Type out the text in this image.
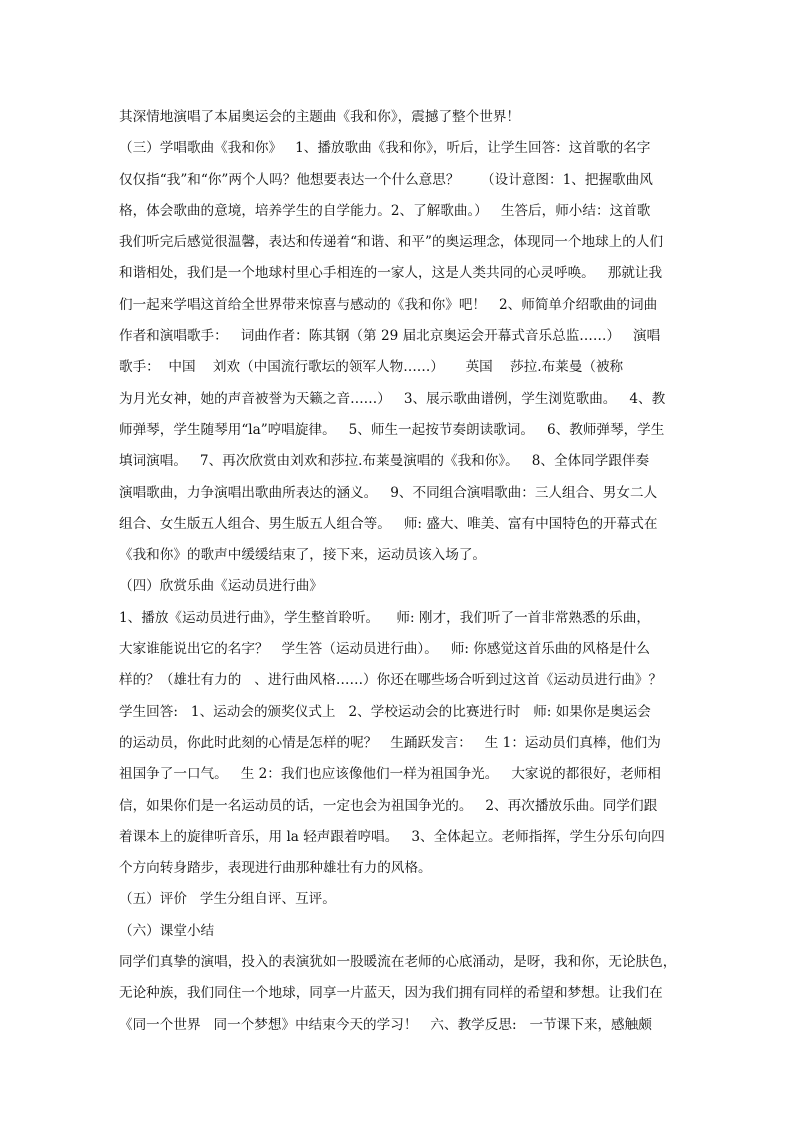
其深情地演唱了本届奥运会的主题曲《我和你》，震撼了整个世界！
（三）学唱歌曲《我和你》   1、播放歌曲《我和你》，听后，让学生回答：这首歌的名字
仅仅指“我”和“你”两个人吗？他想要表达一个什么意思？     （设计意图：1、把握歌曲风
格，体会歌曲的意境，培养学生的自学能力。2、了解歌曲。）   生答后，师小结：这首歌
我们听完后感觉很温馨，表达和传递着“和谐、和平”的奥运理念，体现同一个地球上的人们
和谐相处，我们是一个地球村里心手相连的一家人，这是人类共同的心灵呼唤。   那就让我
们一起来学唱这首给全世界带来惊喜与感动的《我和你》吧！   2、师简单介绍歌曲的词曲
作者和演唱歌手：   词曲作者：陈其钢（第 29 届北京奥运会开幕式音乐总监……）   演唱
歌手：  中国    刘欢（中国流行歌坛的领军人物……）     英国    莎拉.布莱曼（被称
为月光女神，她的声音被誉为天籁之音……）   3、展示歌曲谱例，学生浏览歌曲。   4、教
师弹琴，学生随琴用“la”哼唱旋律。   5、师生一起按节奏朗读歌词。   6、教师弹琴，学生
填词演唱。   7、再次欣赏由刘欢和莎拉.布莱曼演唱的《我和你》。   8、全体同学跟伴奏
演唱歌曲，力争演唱出歌曲所表达的涵义。   9、不同组合演唱歌曲：三人组合、男女二人
组合、女生版五人组合、男生版五人组合等。   师: 盛大、唯美、富有中国特色的开幕式在
《我和你》的歌声中缓缓结束了，接下来，运动员该入场了。
（四）欣赏乐曲《运动员进行曲》
1、播放《运动员进行曲》，学生整首聆听。    师: 刚才，我们听了一首非常熟悉的乐曲，
大家谁能说出它的名字？   学生答（运动员进行曲）。   师: 你感觉这首乐曲的风格是什么
样的？（雄壮有力的   、进行曲风格……）你还在哪些场合听到过这首《运动员进行曲》？
学生回答:   1、运动会的颁奖仪式上   2、学校运动会的比赛进行时   师: 如果你是奥运会
的运动员，你此时此刻的心情是怎样的呢？   生踊跃发言：   生 1：运动员们真棒，他们为
祖国争了一口气。   生 2：我们也应该像他们一样为祖国争光。   大家说的都很好，老师相
信，如果你们是一名运动员的话，一定也会为祖国争光的。   2、再次播放乐曲。同学们跟
着课本上的旋律听音乐，用 la 轻声跟着哼唱。   3、全体起立。老师指挥，学生分乐句向四
个方向转身踏步，表现进行曲那种雄壮有力的风格。
（五）评价   学生分组自评、互评。
（六）课堂小结
同学们真挚的演唱，投入的表演犹如一股暖流在老师的心底涌动，是呀，我和你，无论肤色，
无论种族，我们同住一个地球，同享一片蓝天，因为我们拥有同样的希望和梦想。让我们在
《同一个世界   同一个梦想》中结束今天的学习！   六、教学反思:   一节课下来，感触颇
